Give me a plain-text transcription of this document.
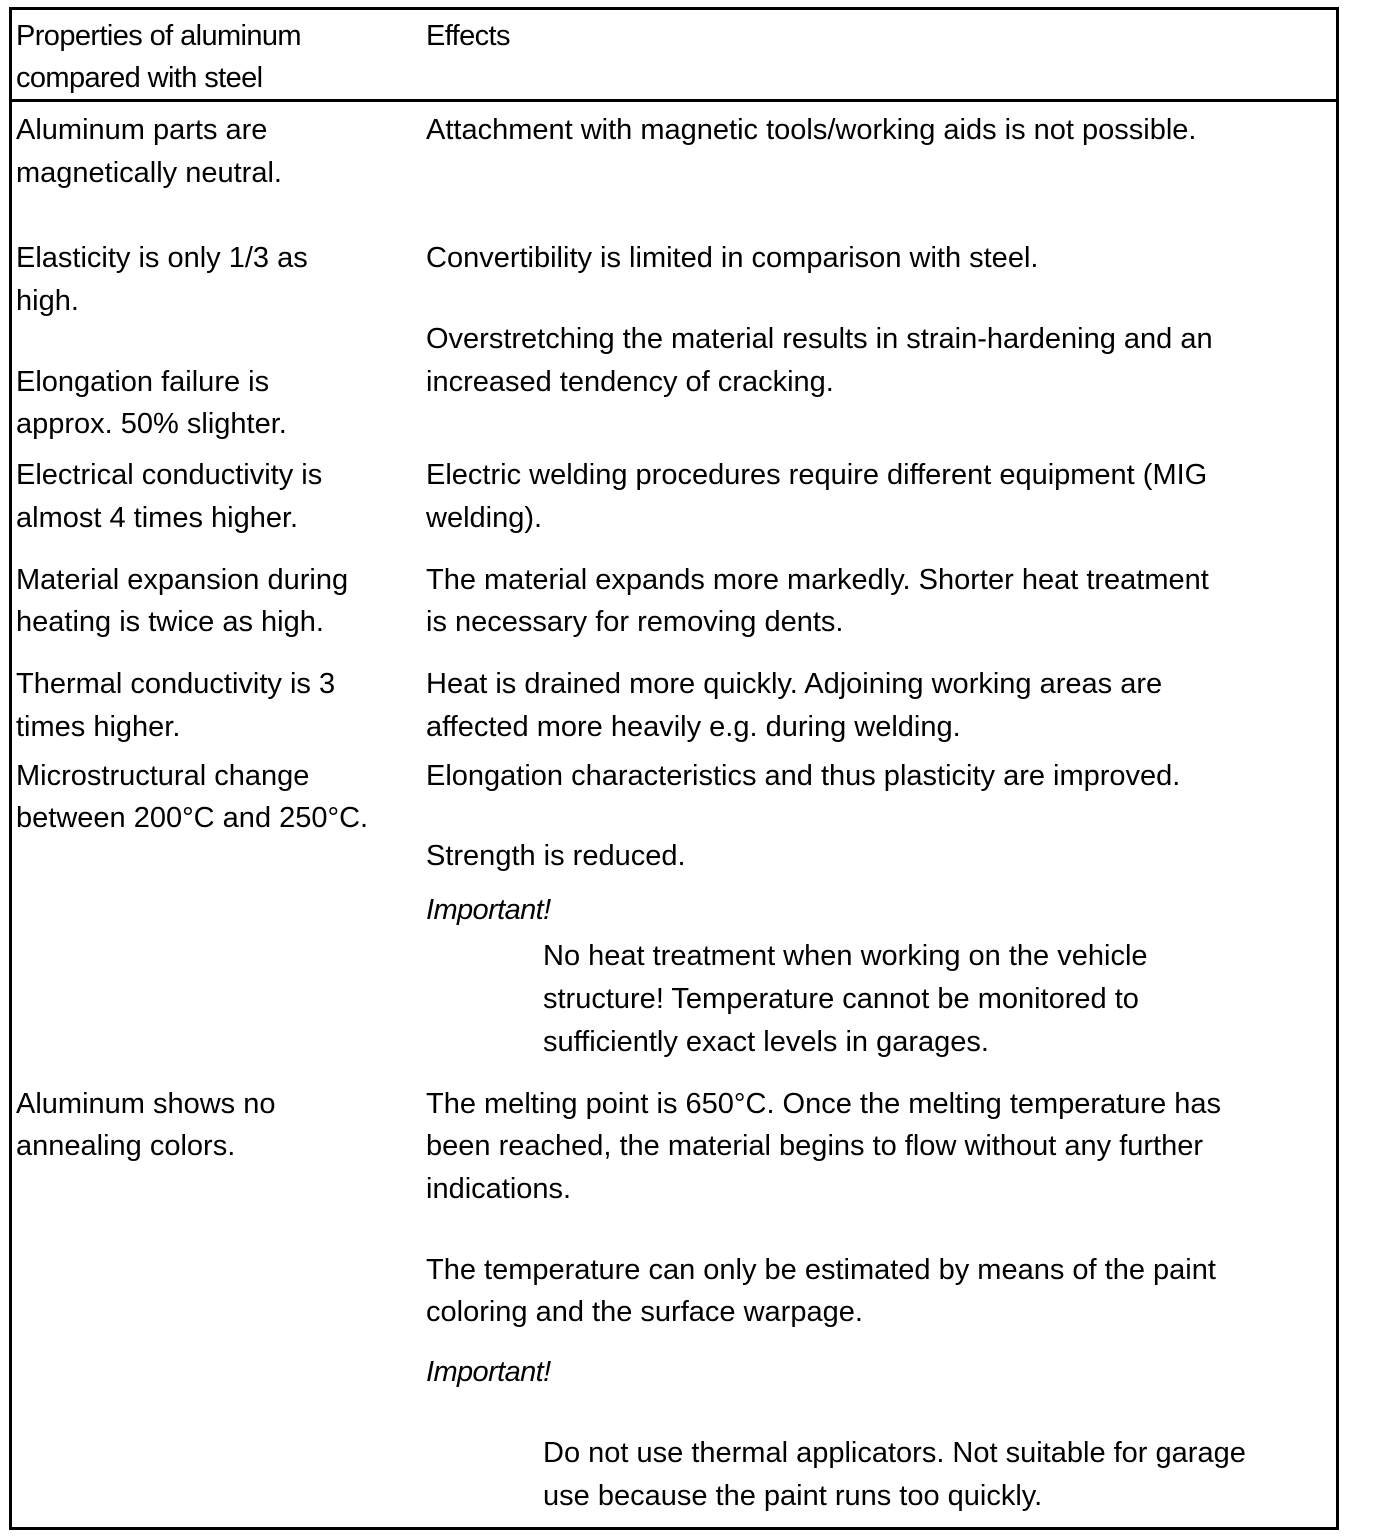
Properties of aluminum

compared with steel

Effects

Aluminum parts are

magnetically neutral.

Attachment with magnetic tools/working aids is not possible.

Elasticity is only 1/3 as

high.

Convertibility is limited in comparison with steel.

Elongation failure is

approx. 50% slighter.

Overstretching the material results in strain-hardening and an

increased tendency of cracking.

Electrical conductivity is

almost 4 times higher.

Electric welding procedures require different equipment (MIG

welding).

Material expansion during

heating is twice as high.

The material expands more markedly. Shorter heat treatment

is necessary for removing dents.

Thermal conductivity is 3

times higher.

Heat is drained more quickly. Adjoining working areas are

affected more heavily e.g. during welding.

Microstructural change

between 200°C and 250°C.

Elongation characteristics and thus plasticity are improved.

Strength is reduced.

Important!

No heat treatment when working on the vehicle

structure! Temperature cannot be monitored to

sufficiently exact levels in garages.

Aluminum shows no

annealing colors.

The melting point is 650°C. Once the melting temperature has

been reached, the material begins to flow without any further

indications.

The temperature can only be estimated by means of the paint

coloring and the surface warpage.

Important!

Do not use thermal applicators. Not suitable for garage

use because the paint runs too quickly.
